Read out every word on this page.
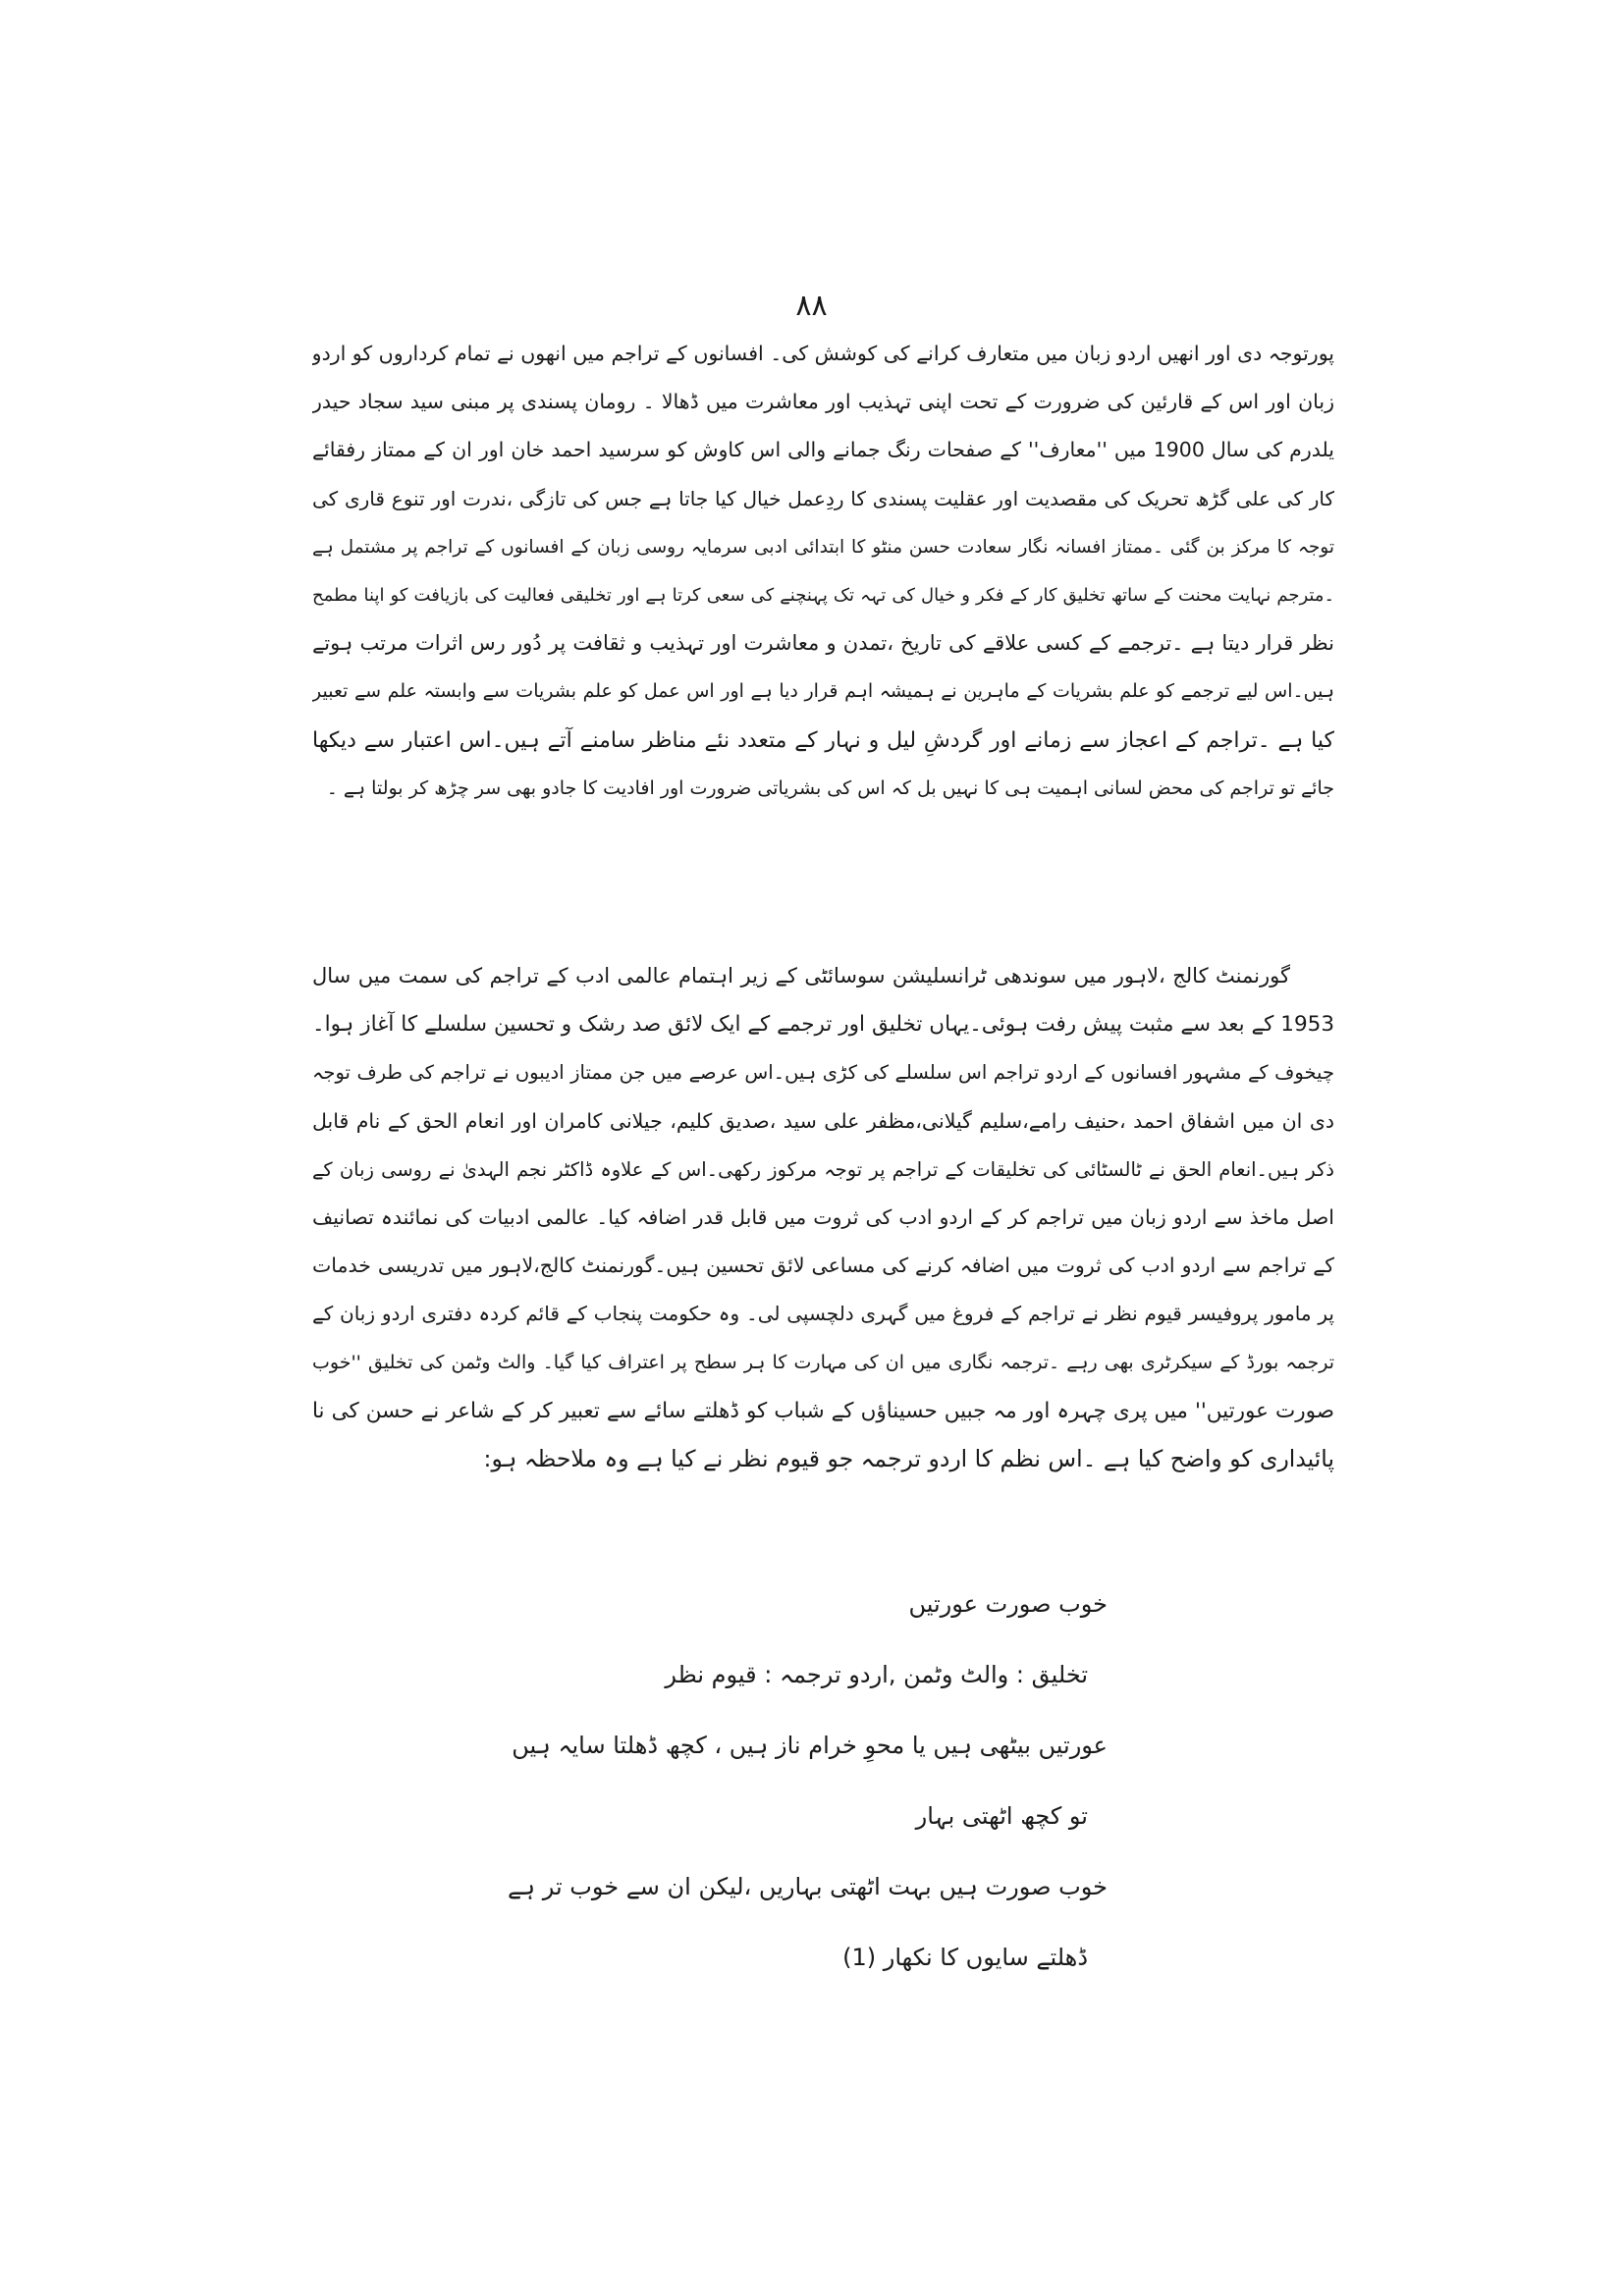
۸۸
پورتوجہ دی اور انھیں اردو زبان میں متعارف کرانے کی کوشش کی۔ افسانوں کے تراجم میں انھوں نے تمام کرداروں کو اردو
زبان اور اس کے قارئین کی ضرورت کے تحت اپنی تہذیب اور معاشرت میں ڈھالا ۔ رومان پسندی پر مبنی سید سجاد حیدر
یلدرم کی سال 1900 میں ''معارف'' کے صفحات رنگ جمانے والی اس کاوش کو سرسید احمد خان اور ان کے ممتاز رفقائے
کار کی علی گڑھ تحریک کی مقصدیت اور عقلیت پسندی کا ردِعمل خیال کیا جاتا ہے جس کی تازگی ،ندرت اور تنوع قاری کی
توجہ کا مرکز بن گئی ۔ممتاز افسانہ نگار سعادت حسن منٹو کا ابتدائی ادبی سرمایہ روسی زبان کے افسانوں کے تراجم پر مشتمل ہے
۔مترجم نہایت محنت کے ساتھ تخلیق کار کے فکر و خیال کی تہہ تک پہنچنے کی سعی کرتا ہے اور تخلیقی فعالیت کی بازیافت کو اپنا مطمح
نظر قرار دیتا ہے ۔ترجمے کے کسی علاقے کی تاریخ ،تمدن و معاشرت اور تہذیب و ثقافت پر دُور رس اثرات مرتب ہوتے
ہیں۔اس لیے ترجمے کو علم بشریات کے ماہرین نے ہمیشہ اہم قرار دیا ہے اور اس عمل کو علم بشریات سے وابستہ علم سے تعبیر
کیا ہے ۔تراجم کے اعجاز سے زمانے اور گردشِ لیل و نہار کے متعدد نئے مناظر سامنے آتے ہیں۔اس اعتبار سے دیکھا
جائے تو تراجم کی محض لسانی اہمیت ہی کا نہیں بل کہ اس کی بشریاتی ضرورت اور افادیت کا جادو بھی سر چڑھ کر بولتا ہے ۔
گورنمنٹ کالج ،لاہور میں سوندھی ٹرانسلیشن سوسائٹی کے زیر اہتمام عالمی ادب کے تراجم کی سمت میں سال
1953 کے بعد سے مثبت پیش رفت ہوئی۔یہاں تخلیق اور ترجمے کے ایک لائق صد رشک و تحسین سلسلے کا آغاز ہوا۔
چیخوف کے مشہور افسانوں کے اردو تراجم اس سلسلے کی کڑی ہیں۔اس عرصے میں جن ممتاز ادیبوں نے تراجم کی طرف توجہ
دی ان میں اشفاق احمد ،حنیف رامے،سلیم گیلانی،مظفر علی سید ،صدیق کلیم، جیلانی کامران اور انعام الحق کے نام قابل
ذکر ہیں۔انعام الحق نے ٹالسٹائی کی تخلیقات کے تراجم پر توجہ مرکوز رکھی۔اس کے علاوہ ڈاکٹر نجم الہدیٰ نے روسی زبان کے
اصل ماخذ سے اردو زبان میں تراجم کر کے اردو ادب کی ثروت میں قابل قدر اضافہ کیا۔ عالمی ادبیات کی نمائندہ تصانیف
کے تراجم سے اردو ادب کی ثروت میں اضافہ کرنے کی مساعی لائق تحسین ہیں۔گورنمنٹ کالج،لاہور میں تدریسی خدمات
پر مامور پروفیسر قیوم نظر نے تراجم کے فروغ میں گہری دلچسپی لی۔ وہ حکومت پنجاب کے قائم کردہ دفتری اردو زبان کے
ترجمہ بورڈ کے سیکرٹری بھی رہے ۔ترجمہ نگاری میں ان کی مہارت کا ہر سطح پر اعتراف کیا گیا۔ والٹ وٹمن کی تخلیق ''خوب
صورت عورتیں'' میں پری چہرہ اور مہ جبیں حسیناؤں کے شباب کو ڈھلتے سائے سے تعبیر کر کے شاعر نے حسن کی نا
پائیداری کو واضح کیا ہے ۔اس نظم کا اردو ترجمہ جو قیوم نظر نے کیا ہے وہ ملاحظہ ہو:
خوب صورت عورتیں
تخلیق : والٹ وٹمن ,اردو ترجمہ : قیوم نظر
عورتیں بیٹھی ہیں یا محوِ خرام ناز ہیں ، کچھ ڈھلتا سایہ ہیں
تو کچھ اٹھتی بہار
خوب صورت ہیں بہت اٹھتی بہاریں ،لیکن ان سے خوب تر ہے
ڈھلتے سایوں کا نکھار (1)
